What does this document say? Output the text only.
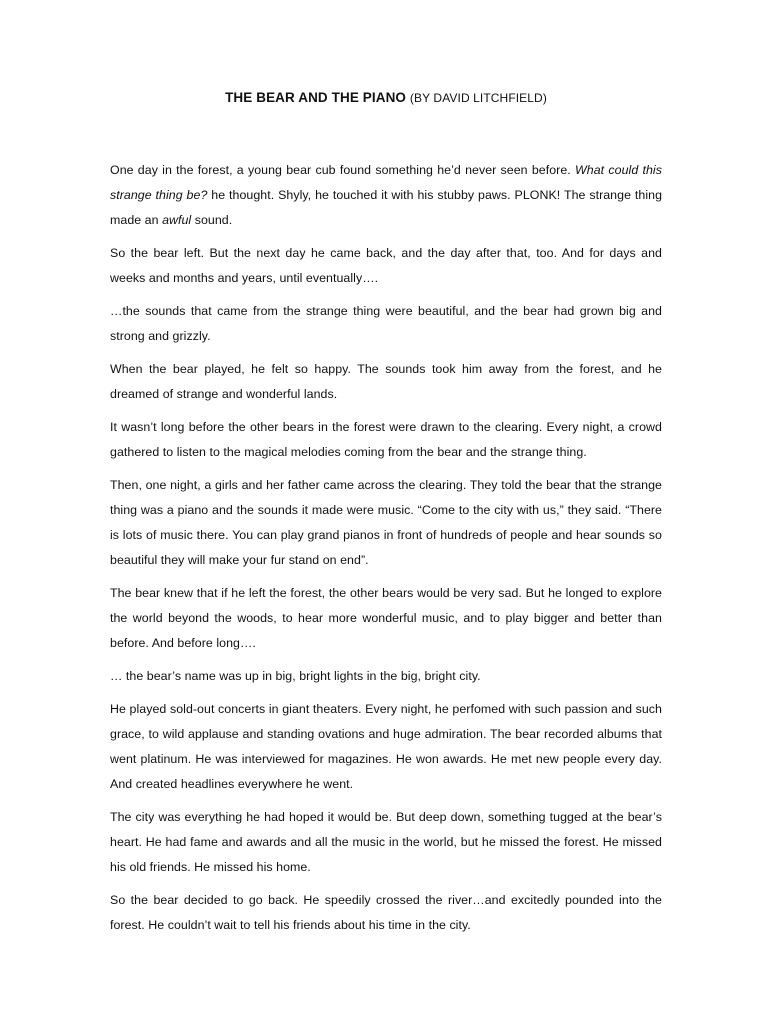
THE BEAR AND THE PIANO (BY DAVID LITCHFIELD)

One day in the forest, a young bear cub found something he’d never seen before. What could this strange thing be? he thought. Shyly, he touched it with his stubby paws. PLONK! The strange thing made an awful sound.

So the bear left. But the next day he came back, and the day after that, too. And for days and weeks and months and years, until eventually….

…the sounds that came from the strange thing were beautiful, and the bear had grown big and strong and grizzly.

When the bear played, he felt so happy. The sounds took him away from the forest, and he dreamed of strange and wonderful lands.

It wasn’t long before the other bears in the forest were drawn to the clearing. Every night, a crowd gathered to listen to the magical melodies coming from the bear and the strange thing.

Then, one night, a girls and her father came across the clearing. They told the bear that the strange thing was a piano and the sounds it made were music. “Come to the city with us,” they said. “There is lots of music there. You can play grand pianos in front of hundreds of people and hear sounds so beautiful they will make your fur stand on end”.

The bear knew that if he left the forest, the other bears would be very sad. But he longed to explore the world beyond the woods, to hear more wonderful music, and to play bigger and better than before. And before long….

… the bear’s name was up in big, bright lights in the big, bright city.

He played sold-out concerts in giant theaters. Every night, he perfomed with such passion and such grace, to wild applause and standing ovations and huge admiration. The bear recorded albums that went platinum. He was interviewed for magazines. He won awards. He met new people every day. And created headlines everywhere he went.

The city was everything he had hoped it would be. But deep down, something tugged at the bear’s heart. He had fame and awards and all the music in the world, but he missed the forest. He missed his old friends. He missed his home.

So the bear decided to go back. He speedily crossed the river…and excitedly pounded into the forest. He couldn’t wait to tell his friends about his time in the city.
